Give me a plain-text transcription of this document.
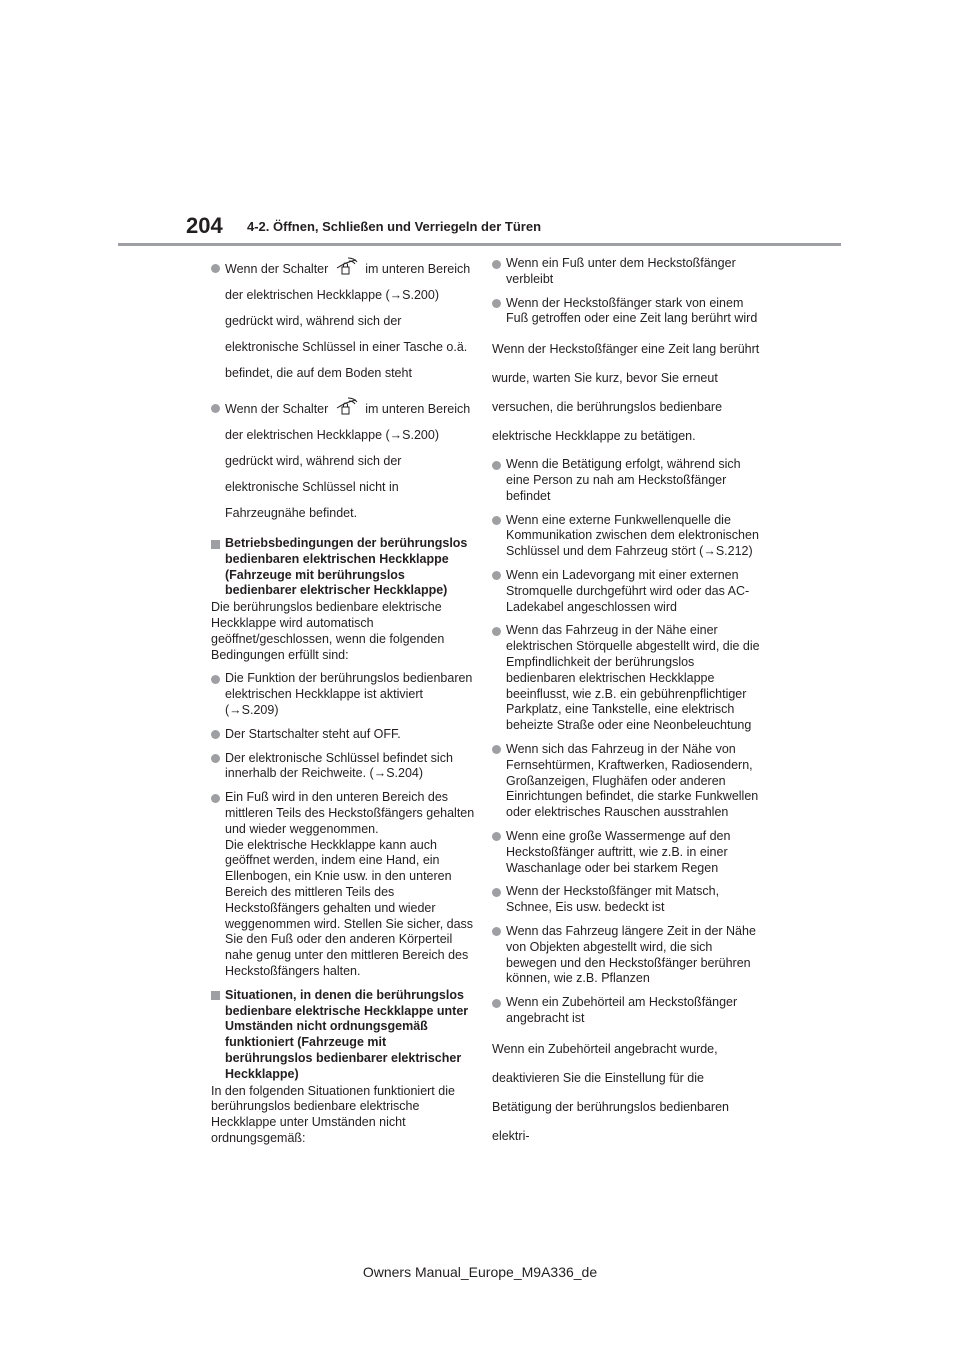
204 4-2. Öffnen, Schließen und Verriegeln der Türen
Wenn der Schalter	im unteren Bereich der elektrischen Heckklappe (→S.200) gedrückt wird, während sich der elektronische Schlüssel in einer Tasche o.ä. befindet, die auf dem Boden steht
Wenn der Schalter	im unteren Bereich der elektrischen Heckklappe (→S.200) gedrückt wird, während sich der elektronische Schlüssel nicht in Fahrzeugnähe befindet.
Betriebsbedingungen der berührungslos bedienbaren elektrischen Heckklappe (Fahrzeuge mit berührungslos bedienbarer elektrischer Heckklappe)

Die berührungslos bedienbare elektrische Heckklappe wird automatisch geöffnet/geschlossen, wenn die folgenden Bedingungen erfüllt sind:

Die Funktion der berührungslos bedienbaren elektrischen Heckklappe ist aktiviert (→S.209)
Der Startschalter steht auf OFF.
Der elektronische Schlüssel befindet sich innerhalb der Reichweite. (→S.204)
Ein Fuß wird in den unteren Bereich des mittleren Teils des Heckstoßfängers gehalten und wieder weggenommen.
Die elektrische Heckklappe kann auch geöffnet werden, indem eine Hand, ein Ellenbogen, ein Knie usw. in den unteren Bereich des mittleren Teils des Heckstoßfängers gehalten und wieder weggenommen wird. Stellen Sie sicher, dass Sie den Fuß oder den anderen Körperteil nahe genug unter den mittleren Bereich des Heckstoßfängers halten.
Situationen, in denen die berührungslos bedienbare elektrische Heckklappe unter Umständen nicht ordnungsgemäß funktioniert (Fahrzeuge mit berührungslos bedienbarer elektrischer Heckklappe)

In den folgenden Situationen funktioniert die berührungslos bedienbare elektrische Heckklappe unter Umständen nicht ordnungsgemäß:

Wenn ein Fuß unter dem Heckstoßfänger verbleibt
Wenn der Heckstoßfänger stark von einem Fuß getroffen oder eine Zeit lang berührt wird

Wenn der Heckstoßfänger eine Zeit lang berührt wurde, warten Sie kurz, bevor Sie erneut versuchen, die berührungslos bedienbare elektrische Heckklappe zu betätigen.

Wenn die Betätigung erfolgt, während sich eine Person zu nah am Heckstoßfänger befindet
Wenn eine externe Funkwellenquelle die Kommunikation zwischen dem elektronischen Schlüssel und dem Fahrzeug stört (→S.212)
Wenn ein Ladevorgang mit einer externen Stromquelle durchgeführt wird oder das AC-Ladekabel angeschlossen wird
Wenn das Fahrzeug in der Nähe einer elektrischen Störquelle abgestellt wird, die die Empfindlichkeit der berührungslos bedienbaren elektrischen Heckklappe beeinflusst, wie z.B. ein gebührenpflichtiger Parkplatz, eine Tankstelle, eine elektrisch beheizte Straße oder eine Neonbeleuchtung
Wenn sich das Fahrzeug in der Nähe von Fernsehtürmen, Kraftwerken, Radiosendern, Großanzeigen, Flughäfen oder anderen Einrichtungen befindet, die starke Funkwellen oder elektrisches Rauschen ausstrahlen
Wenn eine große Wassermenge auf den Heckstoßfänger auftritt, wie z.B. in einer Waschanlage oder bei starkem Regen
Wenn der Heckstoßfänger mit Matsch, Schnee, Eis usw. bedeckt ist
Wenn das Fahrzeug längere Zeit in der Nähe von Objekten abgestellt wird, die sich bewegen und den Heckstoßfänger berühren können, wie z.B. Pflanzen
Wenn ein Zubehörteil am Heckstoßfänger angebracht ist

Wenn ein Zubehörteil angebracht wurde, deaktivieren Sie die Einstellung für die Betätigung der berührungslos bedienbaren elektri-

Owners Manual_Europe_M9A336_de
